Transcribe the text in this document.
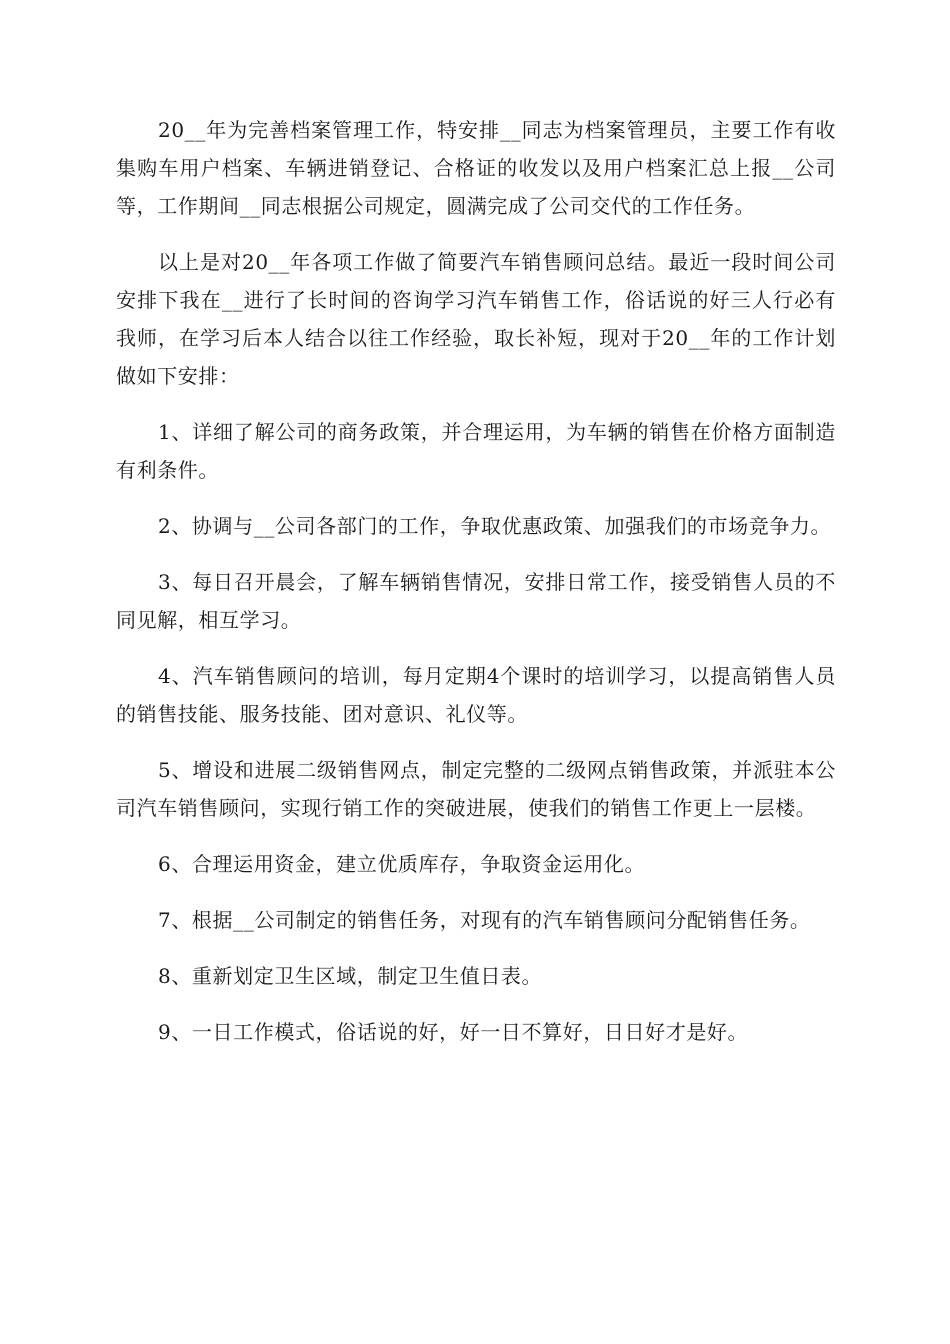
20__年为完善档案管理工作，特安排__同志为档案管理员，主要工作有收集购车用户档案、车辆进销登记、合格证的收发以及用户档案汇总上报__公司等，工作期间__同志根据公司规定，圆满完成了公司交代的工作任务。

以上是对20__年各项工作做了简要汽车销售顾问总结。最近一段时间公司安排下我在__进行了长时间的咨询学习汽车销售工作，俗话说的好三人行必有我师，在学习后本人结合以往工作经验，取长补短，现对于20__年的工作计划做如下安排：

1、详细了解公司的商务政策，并合理运用，为车辆的销售在价格方面制造有利条件。

2、协调与__公司各部门的工作，争取优惠政策、加强我们的市场竞争力。

3、每日召开晨会，了解车辆销售情况，安排日常工作，接受销售人员的不同见解，相互学习。

4、汽车销售顾问的培训，每月定期4个课时的培训学习，以提高销售人员的销售技能、服务技能、团对意识、礼仪等。

5、增设和进展二级销售网点，制定完整的二级网点销售政策，并派驻本公司汽车销售顾问，实现行销工作的突破进展，使我们的销售工作更上一层楼。

6、合理运用资金，建立优质库存，争取资金运用化。

7、根据__公司制定的销售任务，对现有的汽车销售顾问分配销售任务。

8、重新划定卫生区域，制定卫生值日表。

9、一日工作模式，俗话说的好，好一日不算好，日日好才是好。
